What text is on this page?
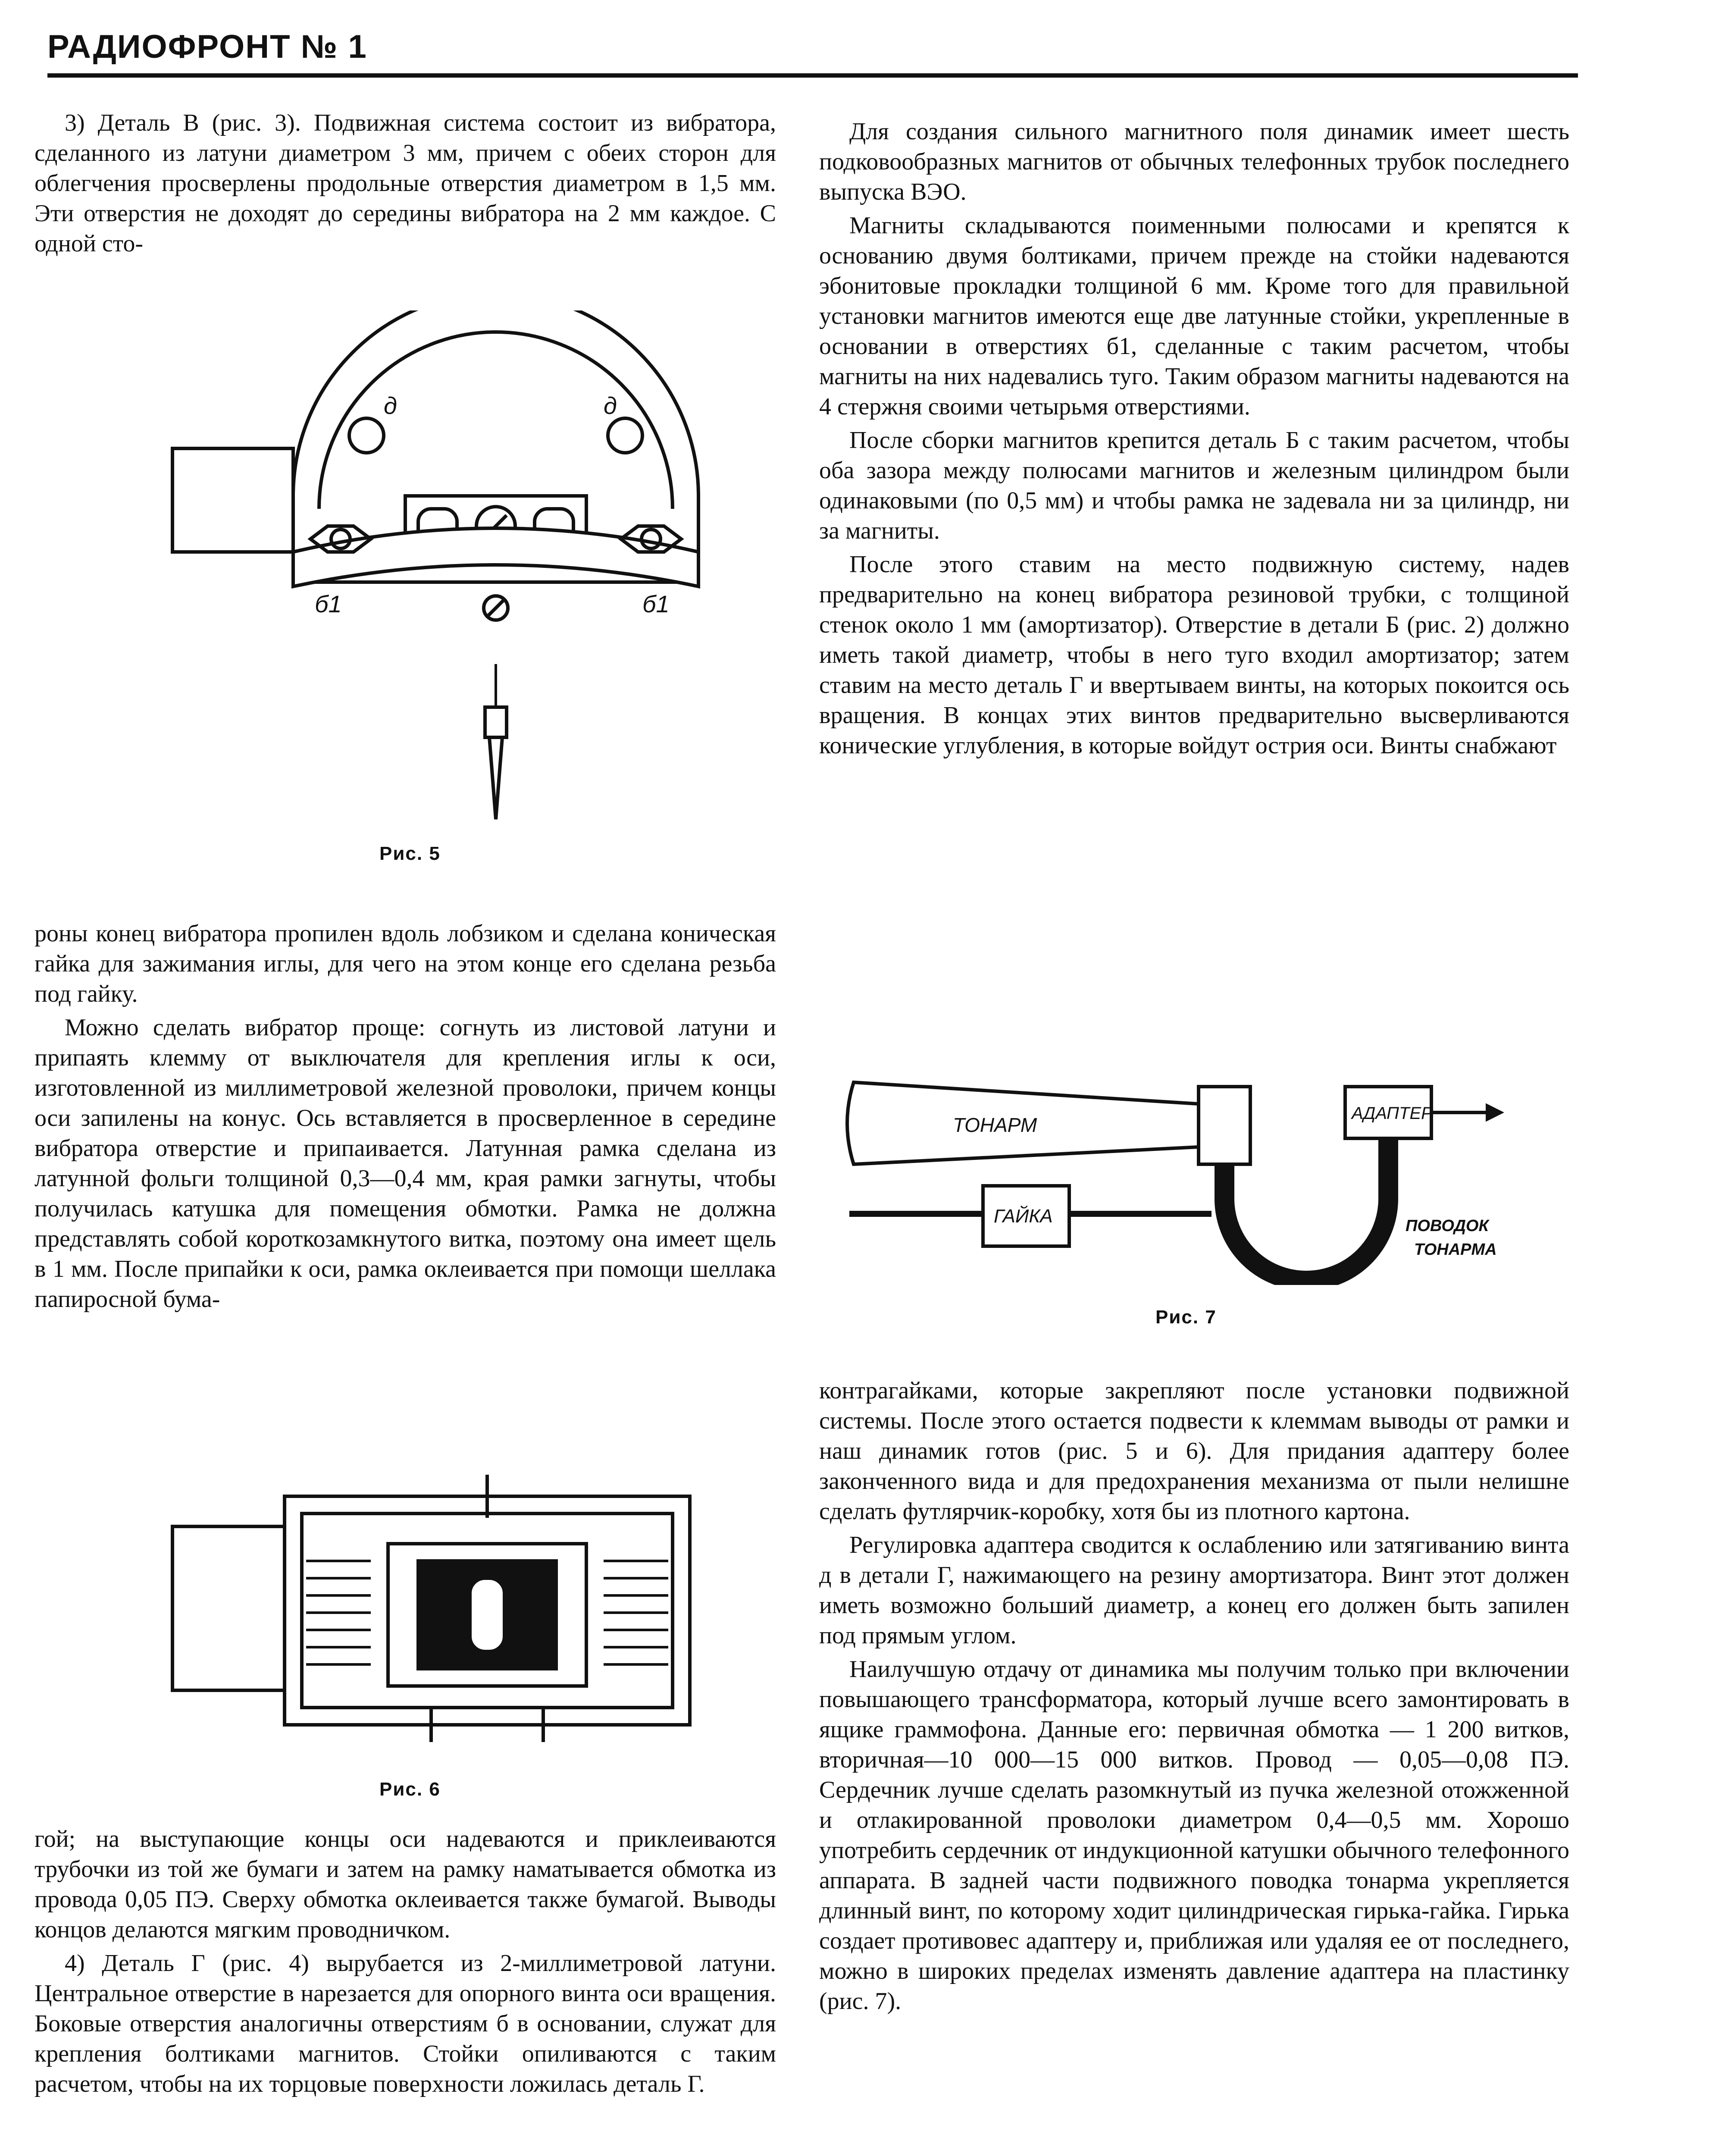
РАДИОФРОНТ № 1

3) Деталь В (рис. 3). Подвижная система состоит из вибратора, сделанного из латуни диаметром 3 мм, причем с обеих сторон для облегчения просверлены продольные отверстия диаметром в 1,5 мм. Эти отверстия не доходят до середины вибратора на 2 мм каждое. С одной сто-

д	д
б1	б1
Рис. 5

роны конец вибратора пропилен вдоль лобзиком и сделана коническая гайка для зажимания иглы, для чего на этом конце его сделана резьба под гайку.

Можно сделать вибратор проще: согнуть из листовой латуни и припаять клемму от выключателя для крепления иглы к оси, изготовленной из миллиметровой железной проволоки, причем концы оси запилены на конус. Ось вставляется в просверленное в середине вибратора отверстие и припаивается. Латунная рамка сделана из латунной фольги толщиной 0,3—0,4 мм, края рамки загнуты, чтобы получилась катушка для помещения обмотки. Рамка не должна представлять собой короткозамкнутого витка, поэтому она имеет щель в 1 мм. После припайки к оси, рамка оклеивается при помощи шеллака папиросной бума-

Рис. 6

гой; на выступающие концы оси надеваются и приклеиваются трубочки из той же бумаги и затем на рамку наматывается обмотка из провода 0,05 ПЭ. Сверху обмотка оклеивается также бумагой. Выводы концов делаются мягким проводничком.

4) Деталь Г (рис. 4) вырубается из 2-миллиметровой латуни. Центральное отверстие в нарезается для опорного винта оси вращения. Боковые отверстия аналогичны отверстиям б в основании, служат для крепления болтиками магнитов. Стойки опиливаются с таким расчетом, чтобы на их торцовые поверхности ложилась деталь Г.

Для создания сильного магнитного поля динамик имеет шесть подковообразных магнитов от обычных телефонных трубок последнего выпуска ВЭО.

Магниты складываются поименными полюсами и крепятся к основанию двумя болтиками, причем прежде на стойки надеваются эбонитовые прокладки толщиной 6 мм. Кроме того для правильной установки магнитов имеются еще две латунные стойки, укрепленные в основании в отверстиях б1, сделанные с таким расчетом, чтобы магниты на них надевались туго. Таким образом магниты надеваются на 4 стержня своими четырьмя отверстиями.

После сборки магнитов крепится деталь Б с таким расчетом, чтобы оба зазора между полюсами магнитов и железным цилиндром были одинаковыми (по 0,5 мм) и чтобы рамка не задевала ни за цилиндр, ни за магниты.

После этого ставим на место подвижную систему, надев предварительно на конец вибратора резиновой трубки, с толщиной стенок около 1 мм (амортизатор). Отверстие в детали Б (рис. 2) должно иметь такой диаметр, чтобы в него туго входил амортизатор; затем ставим на место деталь Г и ввертываем винты, на которых покоится ось вращения. В концах этих винтов предварительно высверливаются конические углубления, в которые войдут острия оси. Винты снабжают

ТОНАРМ
АДАПТЕР
ГАЙКА	ПОВОДОК
ТОНАРМА
Рис. 7

контрагайками, которые закрепляют после установки подвижной системы. После этого остается подвести к клеммам выводы от рамки и наш динамик готов (рис. 5 и 6). Для придания адаптеру более законченного вида и для предохранения механизма от пыли нелишне сделать футлярчик-коробку, хотя бы из плотного картона.

Регулировка адаптера сводится к ослаблению или затягиванию винта д в детали Г, нажимающего на резину амортизатора. Винт этот должен иметь возможно больший диаметр, а конец его должен быть запилен под прямым углом.

Наилучшую отдачу от динамика мы получим только при включении повышающего трансформатора, который лучше всего замонтировать в ящике граммофона. Данные его: первичная обмотка — 1 200 витков, вторичная—10 000—15 000 витков. Провод — 0,05—0,08 ПЭ. Сердечник лучше сделать разомкнутый из пучка железной отожженной и отлакированной проволоки диаметром 0,4—0,5 мм. Хорошо употребить сердечник от индукционной катушки обычного телефонного аппарата. В задней части подвижного поводка тонарма укрепляется длинный винт, по которому ходит цилиндрическая гирька-гайка. Гирька создает противовес адаптеру и, приближая или удаляя ее от последнего, можно в широких пределах изменять давление адаптера на пластинку (рис. 7).
